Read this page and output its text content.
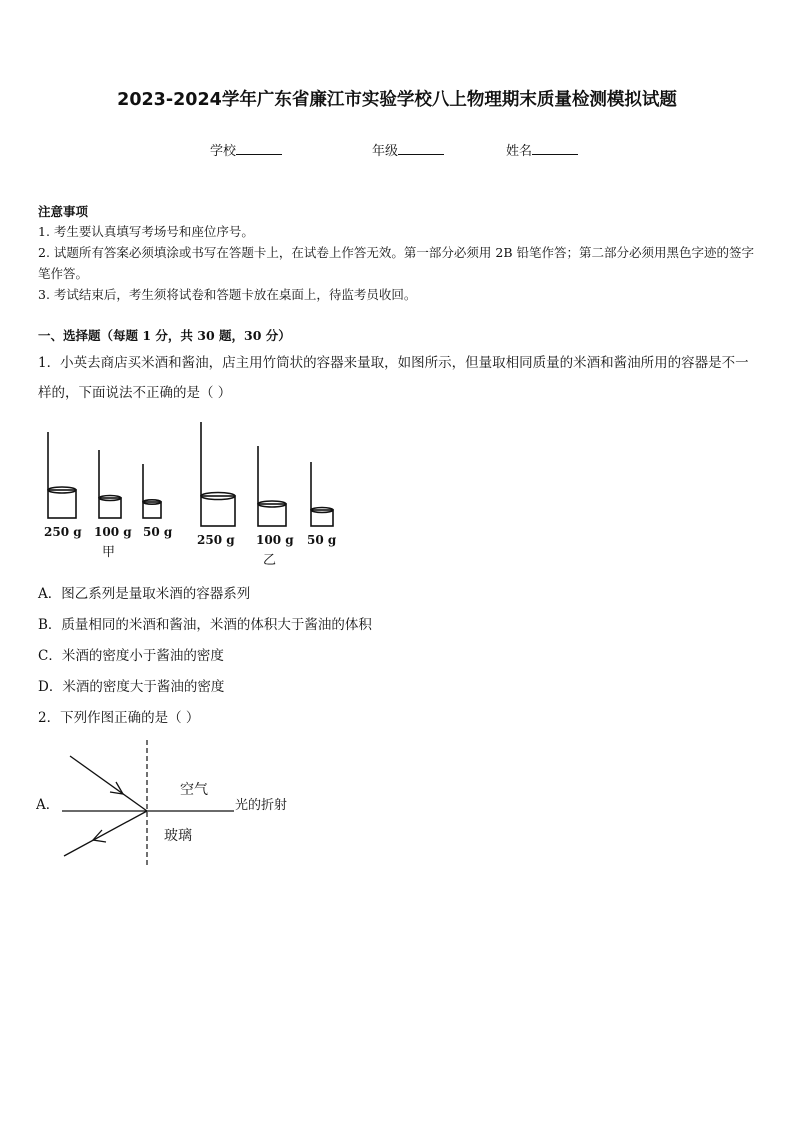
2023-2024学年广东省廉江市实验学校八上物理期末质量检测模拟试题
学校	年级	姓名
注意事项
1. 考生要认真填写考场号和座位序号。
2. 试题所有答案必须填涂或书写在答题卡上，在试卷上作答无效。第一部分必须用 2B 铅笔作答；第二部分必须用黑色字迹的签字笔作答。
3. 考试结束后，考生须将试卷和答题卡放在桌面上，待监考员收回。
一、选择题（每题 1 分，共 30 题，30 分）
1．小英去商店买米酒和酱油，店主用竹筒状的容器来量取，如图所示，但量取相同质量的米酒和酱油所用的容器是不一样的，下面说法不正确的是（ ）
250 g 100 g 50 g
250 g 100 g 50 g
甲
乙
A．图乙系列是量取米酒的容器系列
B．质量相同的米酒和酱油，米酒的体积大于酱油的体积
C．米酒的密度小于酱油的密度
D．米酒的密度大于酱油的密度
2．下列作图正确的是（ ）
A．
空气
玻璃
光的折射
